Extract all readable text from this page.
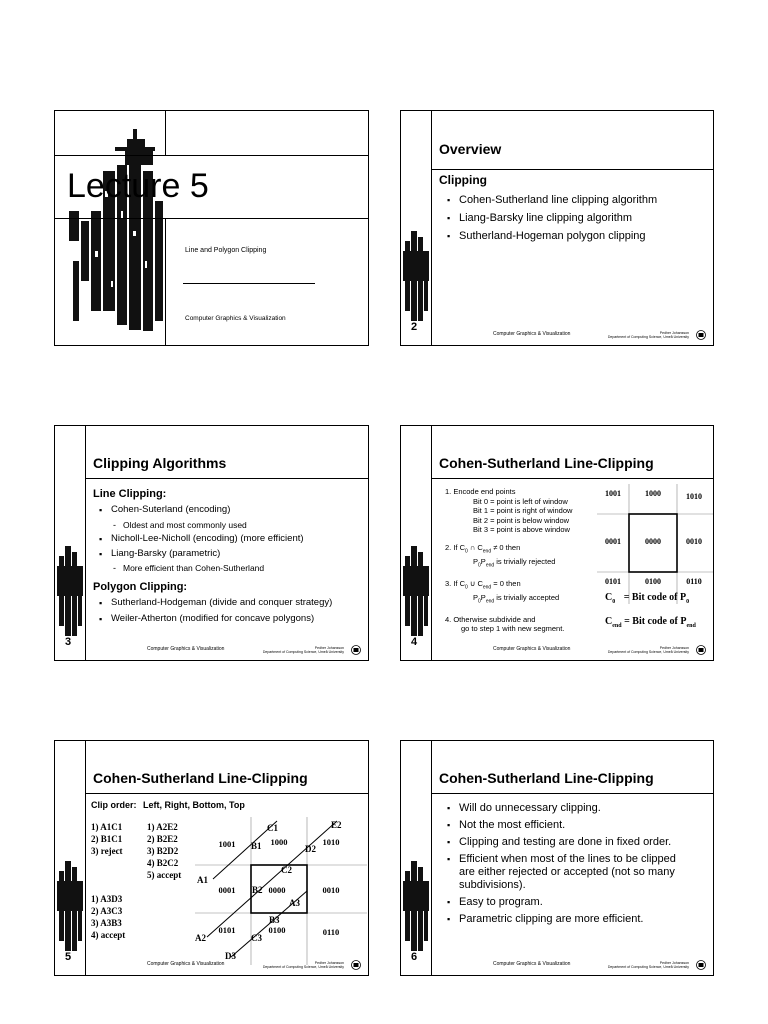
Lecture 5
Line and Polygon Clipping
Computer Graphics & Visualization
Overview
Clipping
▪ Cohen-Sutherland line clipping algorithm
▪ Liang-Barsky line clipping algorithm
▪ Sutherland-Hogeman polygon clipping
2
Computer Graphics & Visualization	Pedher Johansson
Department of Computing Science, Umeå University
Clipping Algorithms
Line Clipping:
▪ Cohen-Suterland (encoding)
- Oldest and most commonly used
▪ Nicholl-Lee-Nicholl (encoding) (more efficient)
▪ Liang-Barsky (parametric)
- More efficient than Cohen-Sutherland
Polygon Clipping:
▪ Sutherland-Hodgeman (divide and conquer strategy)
▪ Weiler-Atherton (modified for concave polygons)
3
Computer Graphics & Visualization	Pedher Johansson
Department of Computing Science, Umeå University
Cohen-Sutherland Line-Clipping
1. Encode end points
Bit 0 = point is left of window
Bit 1 = point is right of window
Bit 2 = point is below window
Bit 3 = point is above window
2. If $C_0$ ∩ $C_{end} \ne 0$ then
$P_0P_{end}$ is trivially rejected
3. If $C_0$ ∪ $C_{end} = 0$ then
$P_0P_{end}$ is trivially accepted
4. Otherwise subdivide and
go to step 1 with new segment.
1001	1000	1010
0001	0000	0010
0101	0100	0110
$C_0$ = Bit code of $P_0$
$C_{end}$ = Bit code of $P_{end}$
4
Computer Graphics & Visualization	Pedher Johansson
Department of Computing Science, Umeå University
Cohen-Sutherland Line-Clipping
Clip order: Left, Right, Bottom, Top
1) A1C1
2) B1C1
3) reject
1) A2E2
2) B2E2
3) B2D2
4) B2C2
5) accept
1) A3D3
2) A3C3
3) A3B3
4) accept
1001	1000	1010
0001	0000	0010
0101	0100	0110
C1	E2
B1	D2
A1
C2
B2
A3
B3
C3
A2
D3
5
Computer Graphics & Visualization	Pedher Johansson
Department of Computing Science, Umeå University
Cohen-Sutherland Line-Clipping
▪ Will do unnecessary clipping.
▪ Not the most efficient.
▪ Clipping and testing are done in fixed order.
▪ Efficient when most of the lines to be clipped are either rejected or accepted (not so many subdivisions).
▪ Easy to program.
▪ Parametric clipping are more efficient.
6
Computer Graphics & Visualization	Pedher Johansson
Department of Computing Science, Umeå University
